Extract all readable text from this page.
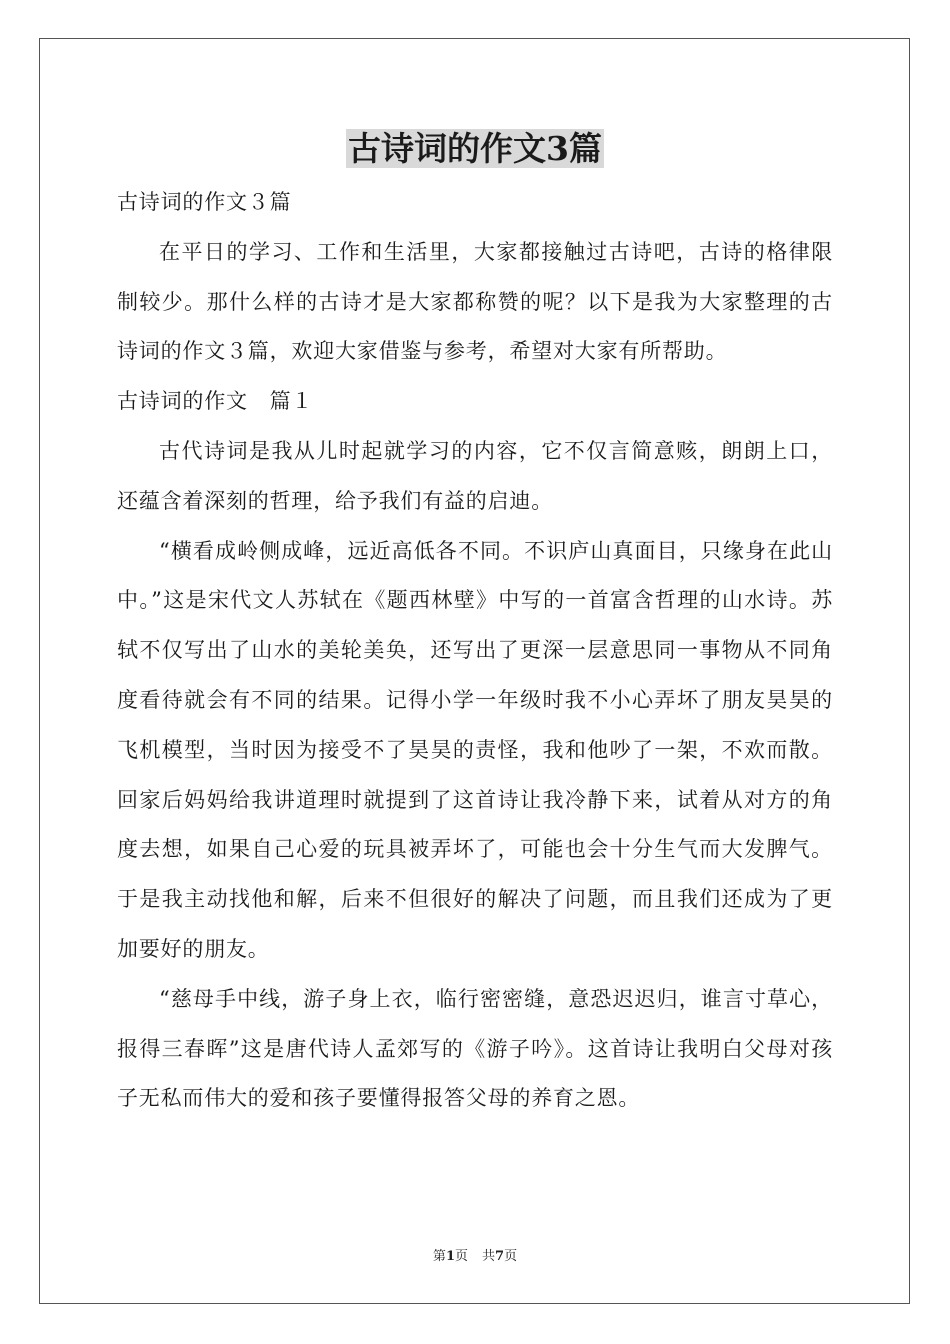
古诗词的作文3篇

古诗词的作文３篇

在平日的学习、工作和生活里，大家都接触过古诗吧，古诗的格律限制较少。那什么样的古诗才是大家都称赞的呢？以下是我为大家整理的古诗词的作文３篇，欢迎大家借鉴与参考，希望对大家有所帮助。

古诗词的作文　篇１

古代诗词是我从儿时起就学习的内容，它不仅言简意赅，朗朗上口，还蕴含着深刻的哲理，给予我们有益的启迪。

“横看成岭侧成峰，远近高低各不同。不识庐山真面目，只缘身在此山中。”这是宋代文人苏轼在《题西林壁》中写的一首富含哲理的山水诗。苏轼不仅写出了山水的美轮美奂，还写出了更深一层意思同一事物从不同角度看待就会有不同的结果。记得小学一年级时我不小心弄坏了朋友昊昊的飞机模型，当时因为接受不了昊昊的责怪，我和他吵了一架，不欢而散。回家后妈妈给我讲道理时就提到了这首诗让我冷静下来，试着从对方的角度去想，如果自己心爱的玩具被弄坏了，可能也会十分生气而大发脾气。于是我主动找他和解，后来不但很好的解决了问题，而且我们还成为了更加要好的朋友。

“慈母手中线，游子身上衣，临行密密缝，意恐迟迟归，谁言寸草心，报得三春晖”这是唐代诗人孟郊写的《游子吟》。这首诗让我明白父母对孩子无私而伟大的爱和孩子要懂得报答父母的养育之恩。

第1页 共7页
